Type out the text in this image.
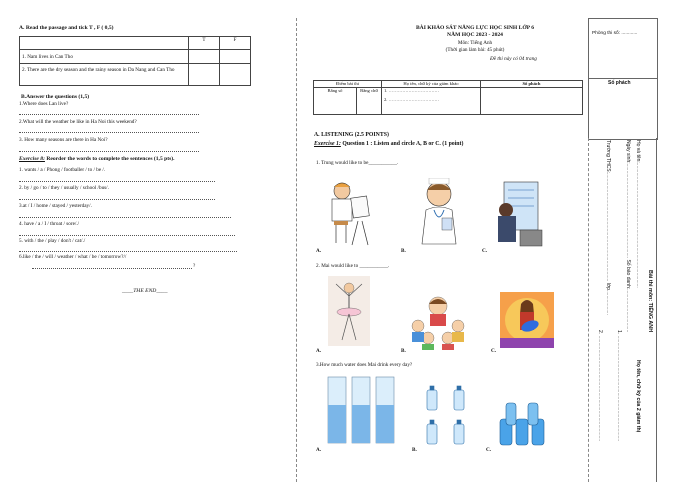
A. Read the passage and tick T , F ( 0,5)
	T	F
1. Nam lives in Can Tho		
2. There are the dry season and the rainy season in Da Nang and Can Tho		
B.Answer the questions (1,5)
1.Where does Lan live?
2.What will the weather be like in Ha Noi this weekend?
3. How many seasons are there in Ha Noi?
Exercise 8: Reorder the words to complete the sentences (1,5 pts).
1. wants / a / Phong / footballer / to / be /.
2. by / go / to / they / usually / school /bus/.
3.at / I / home / stayed / yesterday/.
4. have / a / I / throat / sore/./
5. with / the / play / don't / cat/./
6.like / the / will / weather / what / be / tomorrow?//
?
____THE END____
BÀI KHẢO SÁT NĂNG LỰC HỌC SINH LỚP 6
NĂM HỌC 2023 - 2024
Môn: Tiếng Anh
(Thời gian làm bài: 45 phút)
Đề thi này có 04 trang
Điểm bài thi		Họ tên, chữ ký của giám khảo	Số phách
Bằng số	Bằng chữ	1. ……………………………
2. ……………………………	

A. LISTENING (2.5 POINTS)
Exercise 1: Question 1 : Listen and circle A, B or C. (1 point)
1. Trung would like to be___________.
A.	B.	C.
2. Mai would like to ___________.
A.	B.	C.
3.How much water does Mai drink every day?
A.	B.	C.
Phòng thi số: ............
Số phách
Họ và tên:..........................................................................................
Ngày sinh:.................................................................... Số báo danh:...............................
Trường THCS:.............................................................................. lớp..................	Bài thi môn: TIẾNG ANH
Họ tên, chữ ký của 2 giám thị
1. ............................................................................
2. ............................................................................
